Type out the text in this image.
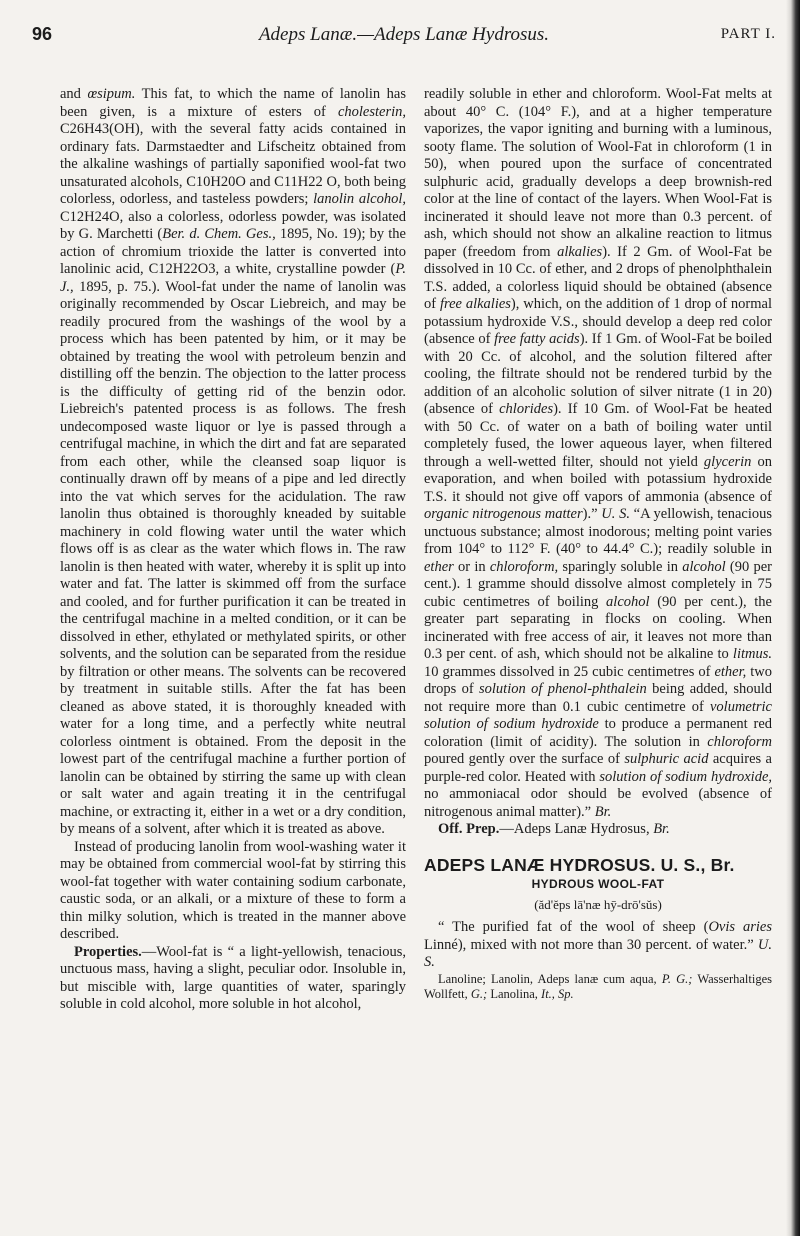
96	Adeps Lanæ.—Adeps Lanæ Hydrosus.	PART I.

and œsipum. This fat, to which the name of lanolin has been given, is a mixture of esters of cholesterin, C26H43(OH), with the several fatty acids contained in ordinary fats. Darmstaedter and Lifscheitz obtained from the alkaline washings of partially saponified wool-fat two unsaturated alcohols, C10H20O and C11H22 O, both being colorless, odorless, and tasteless powders; lanolin alcohol, C12H24O, also a colorless, odorless powder, was isolated by G. Marchetti (Ber. d. Chem. Ges., 1895, No. 19); by the action of chromium trioxide the latter is converted into lanolinic acid, C12H22O3, a white, crystalline powder (P. J., 1895, p. 75.). Wool-fat under the name of lanolin was originally recommended by Oscar Liebreich, and may be readily procured from the washings of the wool by a process which has been patented by him, or it may be obtained by treating the wool with petroleum benzin and distilling off the benzin. The objection to the latter process is the difficulty of getting rid of the benzin odor. Liebreich's patented process is as follows. The fresh undecomposed waste liquor or lye is passed through a centrifugal machine, in which the dirt and fat are separated from each other, while the cleansed soap liquor is continually drawn off by means of a pipe and led directly into the vat which serves for the acidulation. The raw lanolin thus obtained is thoroughly kneaded by suitable machinery in cold flowing water until the water which flows off is as clear as the water which flows in. The raw lanolin is then heated with water, whereby it is split up into water and fat. The latter is skimmed off from the surface and cooled, and for further purification it can be treated in the centrifugal machine in a melted condition, or it can be dissolved in ether, ethylated or methylated spirits, or other solvents, and the solution can be separated from the residue by filtration or other means. The solvents can be recovered by treatment in suitable stills. After the fat has been cleaned as above stated, it is thoroughly kneaded with water for a long time, and a perfectly white neutral colorless ointment is obtained. From the deposit in the lowest part of the centrifugal machine a further portion of lanolin can be obtained by stirring the same up with clean or salt water and again treating it in the centrifugal machine, or extracting it, either in a wet or a dry condition, by means of a solvent, after which it is treated as above.

Instead of producing lanolin from wool-washing water it may be obtained from commercial wool-fat by stirring this wool-fat together with water containing sodium carbonate, caustic soda, or an alkali, or a mixture of these to form a thin milky solution, which is treated in the manner above described.

Properties.—Wool-fat is “ a light-yellowish, tenacious, unctuous mass, having a slight, peculiar odor. Insoluble in, but miscible with, large quantities of water, sparingly soluble in cold alcohol, more soluble in hot alcohol,

readily soluble in ether and chloroform. Wool-Fat melts at about 40° C. (104° F.), and at a higher temperature vaporizes, the vapor igniting and burning with a luminous, sooty flame. The solution of Wool-Fat in chloroform (1 in 50), when poured upon the surface of concentrated sulphuric acid, gradually develops a deep brownish-red color at the line of contact of the layers. When Wool-Fat is incinerated it should leave not more than 0.3 percent. of ash, which should not show an alkaline reaction to litmus paper (freedom from alkalies). If 2 Gm. of Wool-Fat be dissolved in 10 Cc. of ether, and 2 drops of phenolphthalein T.S. added, a colorless liquid should be obtained (absence of free alkalies), which, on the addition of 1 drop of normal potassium hydroxide V.S., should develop a deep red color (absence of free fatty acids). If 1 Gm. of Wool-Fat be boiled with 20 Cc. of alcohol, and the solution filtered after cooling, the filtrate should not be rendered turbid by the addition of an alcoholic solution of silver nitrate (1 in 20) (absence of chlorides). If 10 Gm. of Wool-Fat be heated with 50 Cc. of water on a bath of boiling water until completely fused, the lower aqueous layer, when filtered through a well-wetted filter, should not yield glycerin on evaporation, and when boiled with potassium hydroxide T.S. it should not give off vapors of ammonia (absence of organic nitrogenous matter).” U. S. “A yellowish, tenacious unctuous substance; almost inodorous; melting point varies from 104° to 112° F. (40° to 44.4° C.); readily soluble in ether or in chloroform, sparingly soluble in alcohol (90 per cent.). 1 gramme should dissolve almost completely in 75 cubic centimetres of boiling alcohol (90 per cent.), the greater part separating in flocks on cooling. When incinerated with free access of air, it leaves not more than 0.3 per cent. of ash, which should not be alkaline to litmus. 10 grammes dissolved in 25 cubic centimetres of ether, two drops of solution of phenol-phthalein being added, should not require more than 0.1 cubic centimetre of volumetric solution of sodium hydroxide to produce a permanent red coloration (limit of acidity). The solution in chloroform poured gently over the surface of sulphuric acid acquires a purple-red color. Heated with solution of sodium hydroxide, no ammoniacal odor should be evolved (absence of nitrogenous animal matter).” Br.

Off. Prep.—Adeps Lanæ Hydrosus, Br.

ADEPS LANÆ HYDROSUS. U. S., Br.
HYDROUS WOOL-FAT
(ăd'ĕps lā'næ hȳ-drō'sŭs)

“ The purified fat of the wool of sheep (Ovis aries Linné), mixed with not more than 30 percent. of water.” U. S.

Lanoline; Lanolin, Adeps lanæ cum aqua, P. G.; Wasserhaltiges Wollfett, G.; Lanolina, It., Sp.
